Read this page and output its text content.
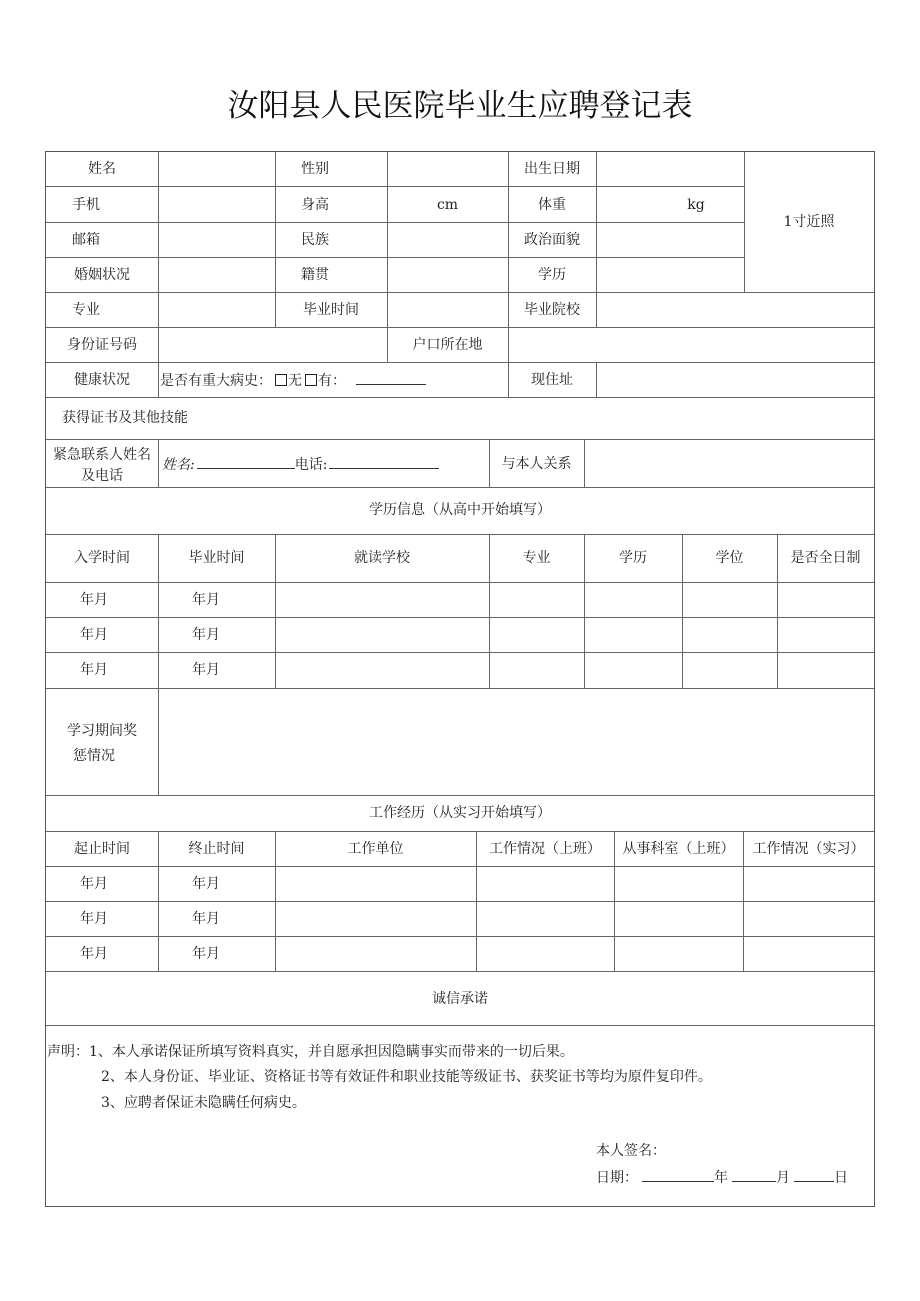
汝阳县人民医院毕业生应聘登记表
姓名	性别	出生日期
手机	身高	cm	体重	kg
1寸近照
邮箱	民族	政治面貌
婚姻状况	籍贯	学历
专业	毕业时间	毕业院校
身份证号码	户口所在地
健康状况	是否有重大病史： 无 有：	现住址
获得证书及其他技能
紧急联系人姓名
及电话
姓名:	电话:	与本人关系
学历信息（从高中开始填写）
入学时间	毕业时间	就读学校	专业	学历	学位	是否全日制
年月	年月
年月	年月
年月	年月
学习期间奖
惩情况
工作经历（从实习开始填写）
起止时间	终止时间	工作单位	工作情况（上班）	从事科室（上班）	工作情况（实习）
年月	年月
年月	年月
年月	年月
诚信承诺
声明：1、本人承诺保证所填写资料真实，并自愿承担因隐瞒事实而带来的一切后果。
2、本人身份证、毕业证、资格证书等有效证件和职业技能等级证书、获奖证书等均为原件复印件。
3、应聘者保证未隐瞒任何病史。
本人签名：
日期：	年	月	日
